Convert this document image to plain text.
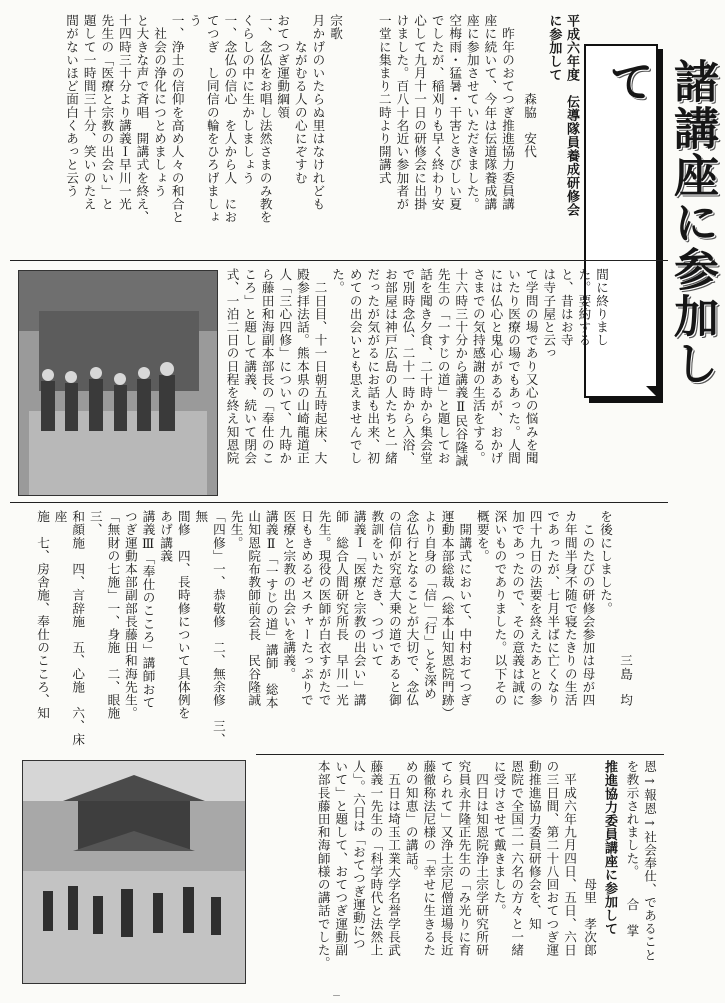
諸講座に参加して
平成六年度　伝導隊員養成研修会
に参加して
　　　　　　森脇　安代
　昨年のおてつぎ推進協力委員講
座に続いて、今年は伝道隊養成講
座に参加させていただきました。
空梅雨・猛暑・干害ときびしい夏
でしたが、稲刈りも早く終わり安
心して九月十一日の研修会に出掛
けました。百八十名近い参加者が
一堂に集まり二時より開講式

宗歌
月かげのいたらぬ里はなけれども
　　ながむる人の心にぞすむ
おてつぎ運動綱領
一、念仏をお唱し法然さまのみ教を
くらしの中に生かしましょう
一、念仏の信心　を人から人　にお
てつぎ　し同信の輪をひろげましょ
う
一、浄土の信仰を高め人々の和合と
　社会の浄化につとめましょう
と大きな声で斉唱　開講式を終え、
十四時三十分より講義Ｉ早川一光
先生の「医療と宗教の出会い」と
題して一時間三十分、笑いのたえ
間がないほど面白くあっと云う
間に終りまし
た。要約する
と、昔はお寺
は寺子屋と云っ
て学問の場であり又心の悩みを聞
いたり医療の場でもあった。人間
には仏心と鬼心があるが、おかげ
さまでの気持感謝の生活をする。
十六時三十分から講義Ⅱ民谷隆誠
先生の「一すじの道」と題してお
話を聞き夕食、二十時から集会堂
で別時念仏、二十一時から入浴、
お部屋は神戸広島の人たちと一緒
だったが気がるにお話も出来、初
めての出会いとも思えませんでし
た。
　二日目、十一日朝五時起床、大
殿参拝法話。熊本県の山崎龍道正
人「三心四修」について、九時か
ら藤田和海副本部長の「奉仕のこ
ころ」と題して講義、続いて閉会
式、一泊二日の日程を終え知恩院
　　　　　　　　　　　三島　均
を後にしました。
　このたびの研修会参加は母が四
カ年間半身不随で寝たきりの生活
であったが、七月半ばに亡くなり
四十九日の法要を終えたあとの参
加であったので、その意義は誠に
深いものでありました。以下その
概要を。
　開講式において、中村おてつぎ
運動本部総裁（総本山知恩院門跡）
より自身の「信」「行」とを深め
念仏行となることが大切で、念仏
の信仰が究意大乗の道であると御
教訓をいただき、つづいて
講義Ｉ「医療と宗教の出会い」講
師　総合人間研究所長　早川一光
先生。現役の医師が白衣すがたで
日もきめるゼスチャーたっぷりで
医療と宗教の出会いを講義。
講義Ⅱ「一すじの道」講師　総本
山知恩院布教師前会長　民谷隆誠
先生。
「四修」一、恭敬修　二、無余修　三、無
間修　四、長時修について具体例を
あげ講義
講義Ⅲ「奉仕のこころ」講師おて
つぎ運動本部副部長藤田和海先生。
「無財の七施」一、身施　二、眼施　三、
和顔施　四、言辞施　五、心施　六、床座
施　七、房舎施、奉仕のこころ、知
恩→報恩→社会奉仕、であること
を教示されました。　　合　掌
推進協力委員講座に参加して
　　　　　　　　　母里　孝次郎
　平成六年九月四日、五日、六日
の三日間、第二十八回おてつぎ運
動推進協力委員研修会を、知
恩院で全国二一六名の方々と一緒
に受けさせて戴きました。
　四日は知恩院浄土宗学研究所研
究員永井隆正先生の「み光りに育
てられて」又浄土宗尼僧道場長近
藤徹称法尼様の「幸せに生きるた
めの知恵」の講話。
　五日は埼玉工業大学名誉学長武
藤義一先生の「科学時代と法然上
人」。六日は「おてつぎ運動につ
いて」と題して、おてつぎ運動副
本部長藤田和海師様の講話でした。
－
